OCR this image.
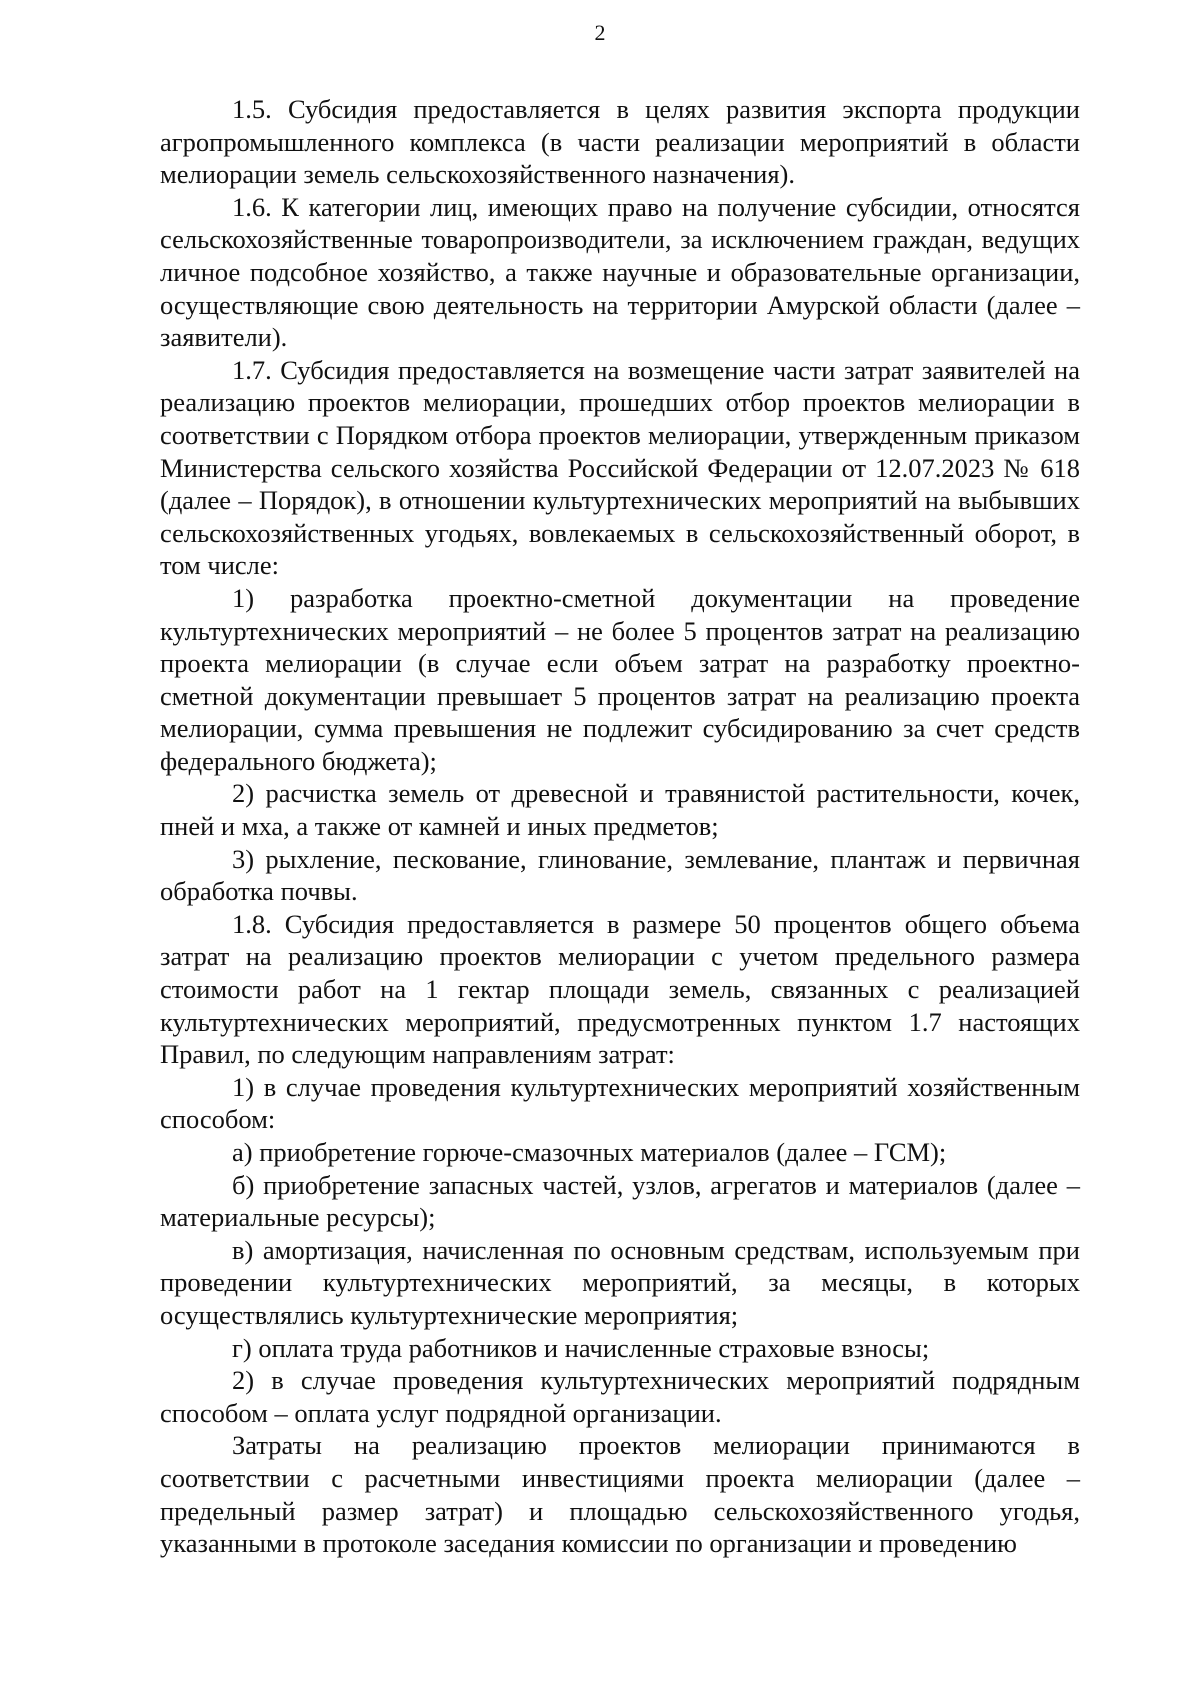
2

1.5. Субсидия предоставляется в целях развития экспорта продукции агропромышленного комплекса (в части реализации мероприятий в области мелиорации земель сельскохозяйственного назначения).

1.6. К категории лиц, имеющих право на получение субсидии, относятся сельскохозяйственные товаропроизводители, за исключением граждан, ведущих личное подсобное хозяйство, а также научные и образовательные организации, осуществляющие свою деятельность на территории Амурской области (далее – заявители).

1.7. Субсидия предоставляется на возмещение части затрат заявителей на реализацию проектов мелиорации, прошедших отбор проектов мелиорации в соответствии с Порядком отбора проектов мелиорации, утвержденным приказом Министерства сельского хозяйства Российской Федерации от 12.07.2023 № 618 (далее – Порядок), в отношении культуртехнических мероприятий на выбывших сельскохозяйственных угодьях, вовлекаемых в сельскохозяйственный оборот, в том числе:

1) разработка проектно-сметной документации на проведение культуртехнических мероприятий – не более 5 процентов затрат на реализацию проекта мелиорации (в случае если объем затрат на разработку проектно-сметной документации превышает 5 процентов затрат на реализацию проекта мелиорации, сумма превышения не подлежит субсидированию за счет средств федерального бюджета);

2) расчистка земель от древесной и травянистой растительности, кочек, пней и мха, а также от камней и иных предметов;

3) рыхление, пескование, глинование, землевание, плантаж и первичная обработка почвы.

1.8. Субсидия предоставляется в размере 50 процентов общего объема затрат на реализацию проектов мелиорации с учетом предельного размера стоимости работ на 1 гектар площади земель, связанных с реализацией культуртехнических мероприятий, предусмотренных пунктом 1.7 настоящих Правил, по следующим направлениям затрат:

1) в случае проведения культуртехнических мероприятий хозяйственным способом:

а) приобретение горюче-смазочных материалов (далее – ГСМ);

б) приобретение запасных частей, узлов, агрегатов и материалов (далее – материальные ресурсы);

в) амортизация, начисленная по основным средствам, используемым при проведении культуртехнических мероприятий, за месяцы, в которых осуществлялись культуртехнические мероприятия;

г) оплата труда работников и начисленные страховые взносы;

2) в случае проведения культуртехнических мероприятий подрядным способом – оплата услуг подрядной организации.

Затраты на реализацию проектов мелиорации принимаются в соответствии с расчетными инвестициями проекта мелиорации (далее – предельный размер затрат) и площадью сельскохозяйственного угодья, указанными в протоколе заседания комиссии по организации и проведению
